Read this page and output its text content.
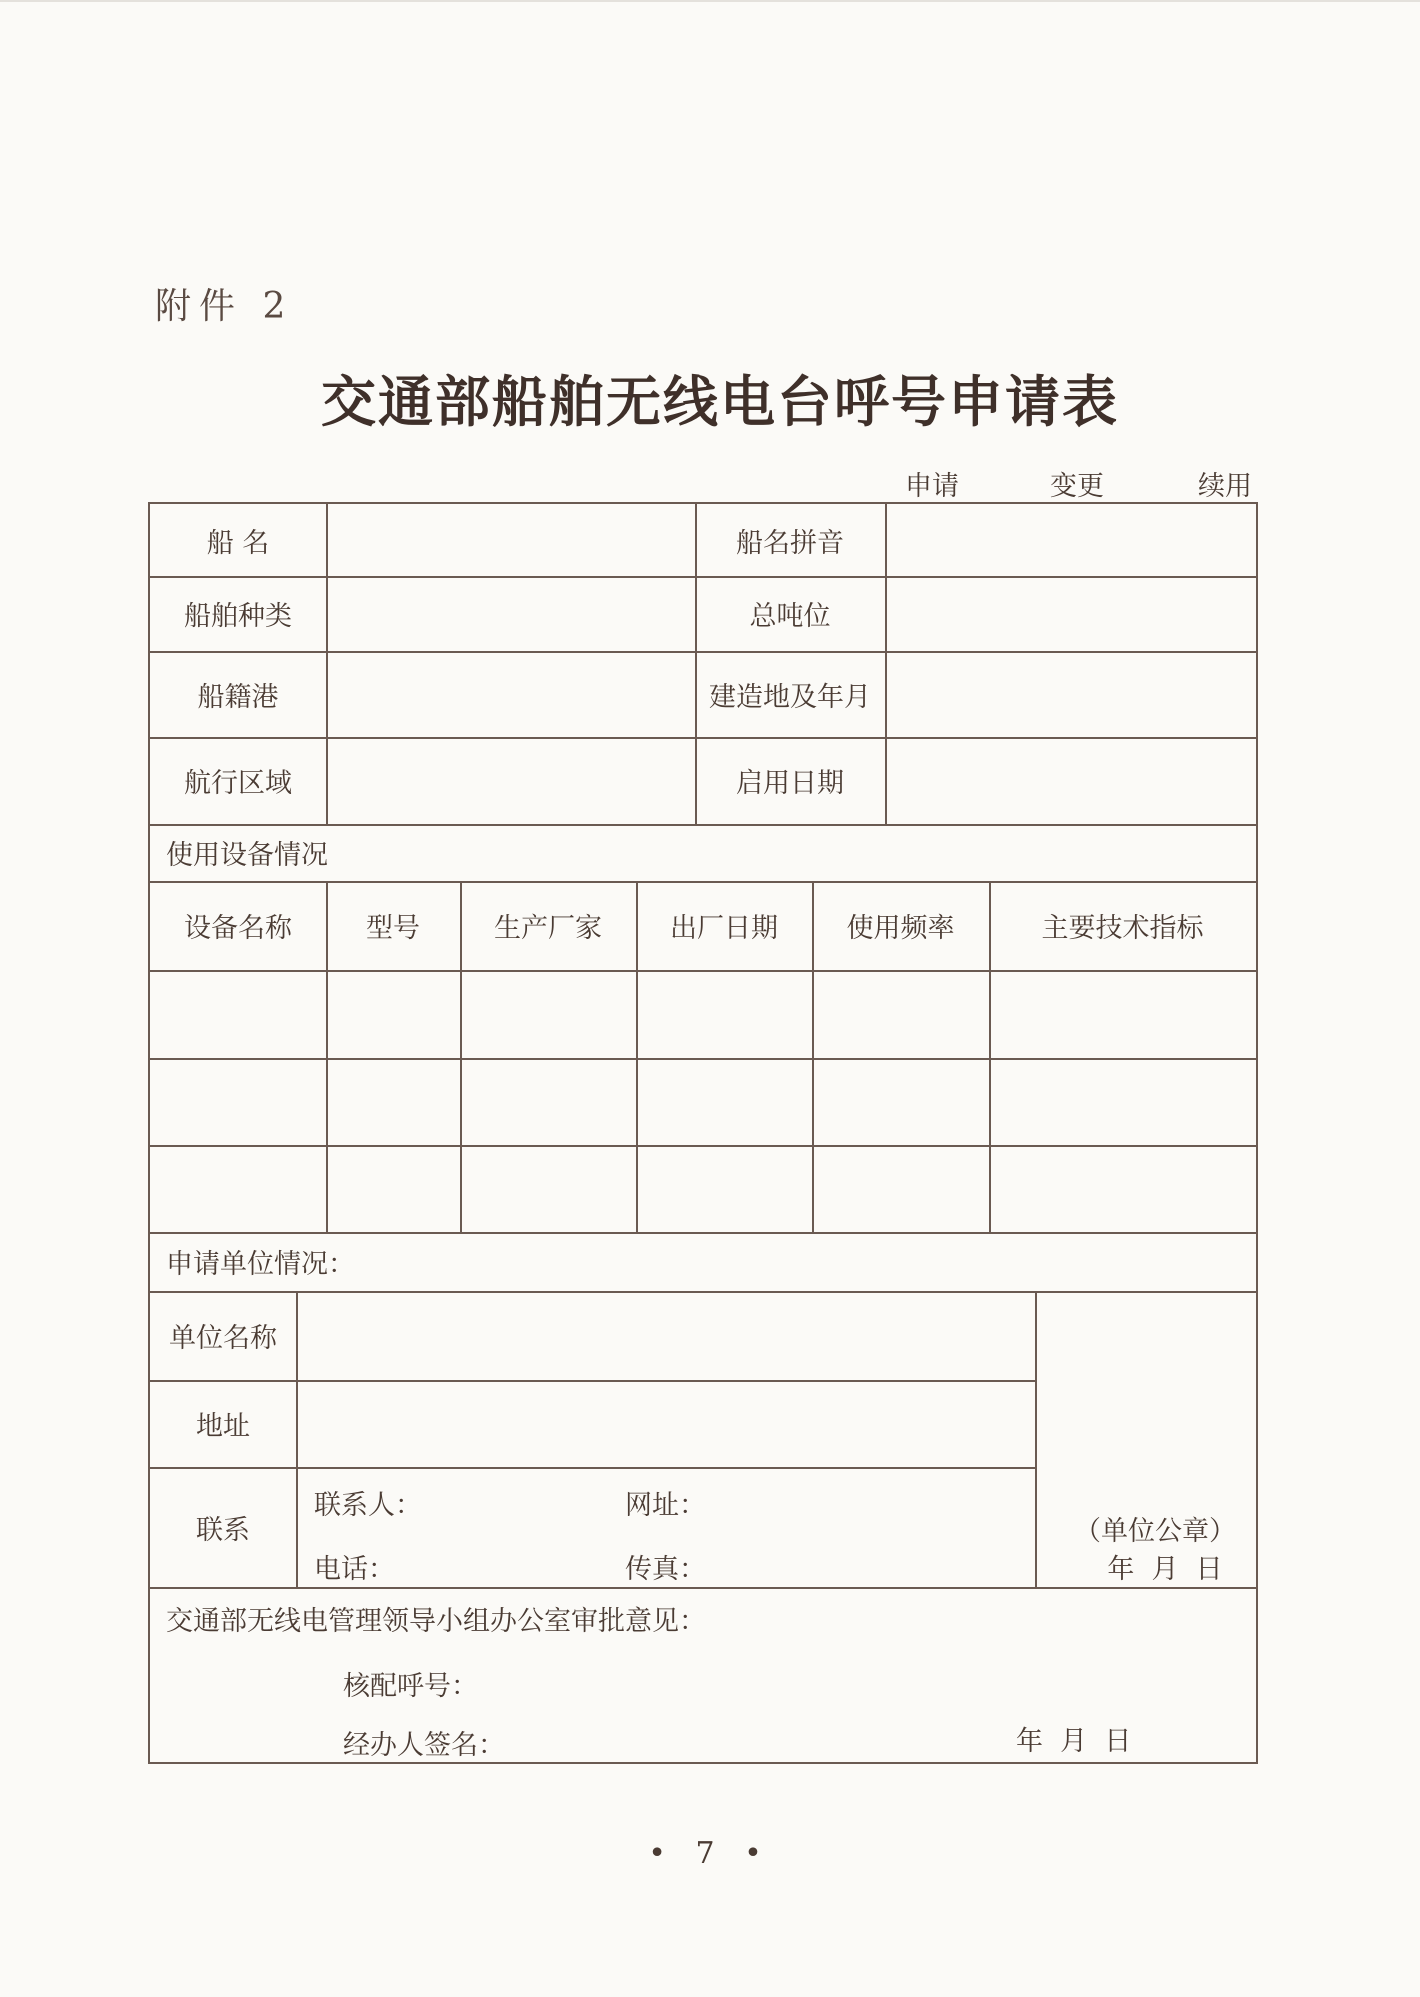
附件 2
交通部船舶无线电台呼号申请表
申请	变更	续用
船 名	船名拼音
船舶种类	总吨位
船籍港	建造地及年月
航行区域	启用日期
使用设备情况
设备名称	型号	生产厂家	出厂日期	使用频率	主要技术指标
申请单位情况：
单位名称
地址
联系
联系人：	网址：
电话：	传真：
（单位公章）
年  月  日
交通部无线电管理领导小组办公室审批意见：
核配呼号：
经办人签名：	年  月  日
• 7 •
